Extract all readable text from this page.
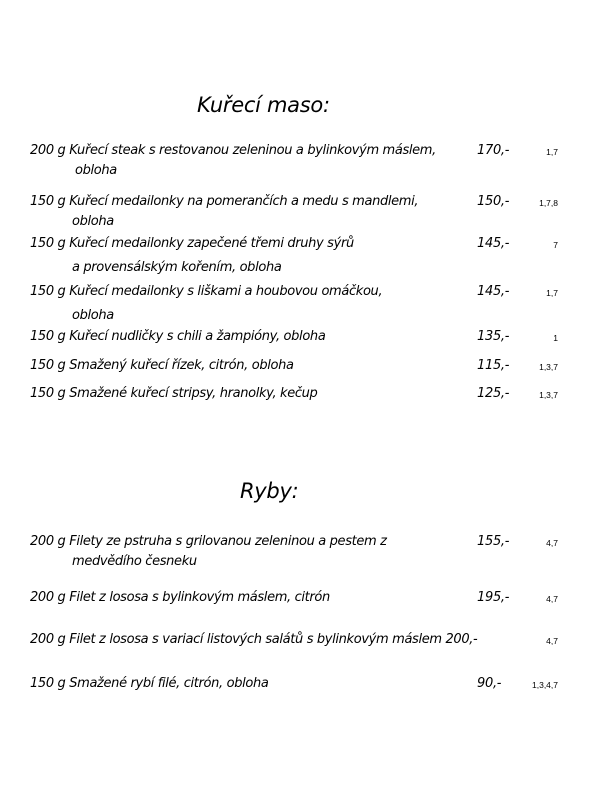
Kuřecí maso:
200 g Kuřecí steak s restovanou zeleninou a bylinkovým máslem,
obloha
170,-	1,7
150 g Kuřecí medailonky na pomerančích a medu s mandlemi,
obloha
150,-	1,7,8
150 g Kuřecí medailonky zapečené třemi druhy sýrů
a provensálským kořením, obloha
145,-	7
150 g Kuřecí medailonky s liškami a houbovou omáčkou,
obloha
145,-	1,7
150 g Kuřecí nudličky s chili a žampióny, obloha	135,-	1
150 g Smažený kuřecí řízek, citrón, obloha	115,-	1,3,7
150 g Smažené kuřecí stripsy, hranolky, kečup	125,-	1,3,7
Ryby:
200 g Filety ze pstruha s grilovanou zeleninou a pestem z
medvědího česneku
155,-	4,7
200 g Filet z lososa s bylinkovým máslem, citrón	195,-	4,7
200 g Filet z lososa s variací listových salátů s bylinkovým máslem 200,-	4,7
150 g Smažené rybí filé, citrón, obloha	90,-	1,3,4,7
